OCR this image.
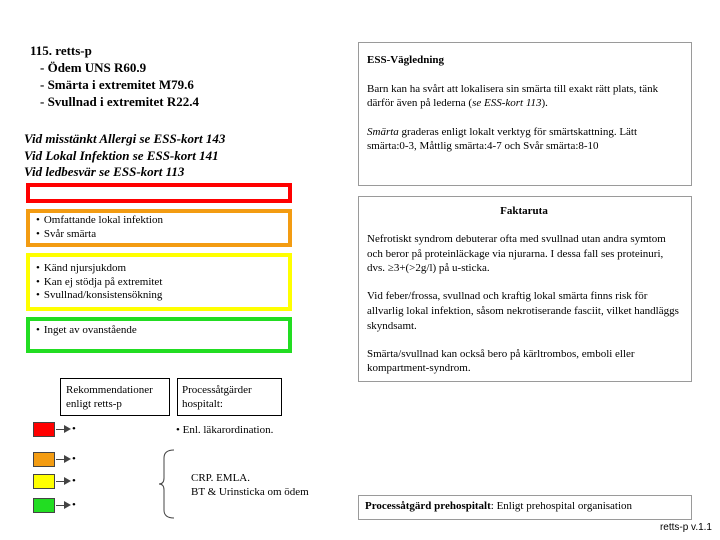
115. retts-p
- Ödem UNS R60.9
- Smärta i extremitet M79.6
- Svullnad i extremitet R22.4
Vid misstänkt Allergi se ESS-kort 143
Vid Lokal Infektion se ESS-kort 141
Vid ledbesvär se ESS-kort 113
ESS-Vägledning

Barn kan ha svårt att lokalisera sin smärta till exakt rätt plats, tänk därför även på lederna (se ESS-kort 113).

Smärta graderas enligt lokalt verktyg för smärtskattning. Lätt smärta:0-3, Måttlig smärta:4-7 och Svår smärta:8-10

• Omfattande lokal infektion
• Svår smärta
• Känd njursjukdom
• Kan ej stödja på extremitet
• Svullnad/konsistensökning
• Inget av ovanstående
Faktaruta

Nefrotiskt syndrom debuterar ofta med svullnad utan andra symtom och beror på proteinläckage via njurarna. I dessa fall ses proteinuri, dvs. ≥3+(>2g/l) på u-sticka.

Vid feber/frossa, svullnad och kraftig lokal smärta finns risk för allvarlig lokal infektion, såsom nekrotiserande fasciit, vilket handläggs skyndsamt.

Smärta/svullnad kan också bero på kärltrombos, emboli eller kompartment-syndrom.

Rekommendationer enligt retts-p
Processåtgärder hospitalt:
•
•
•
•
• Enl. läkarordination.
CRP. EMLA.
BT & Urinsticka om ödem
Processåtgärd prehospitalt: Enligt prehospital organisation
retts-p v.1.1
